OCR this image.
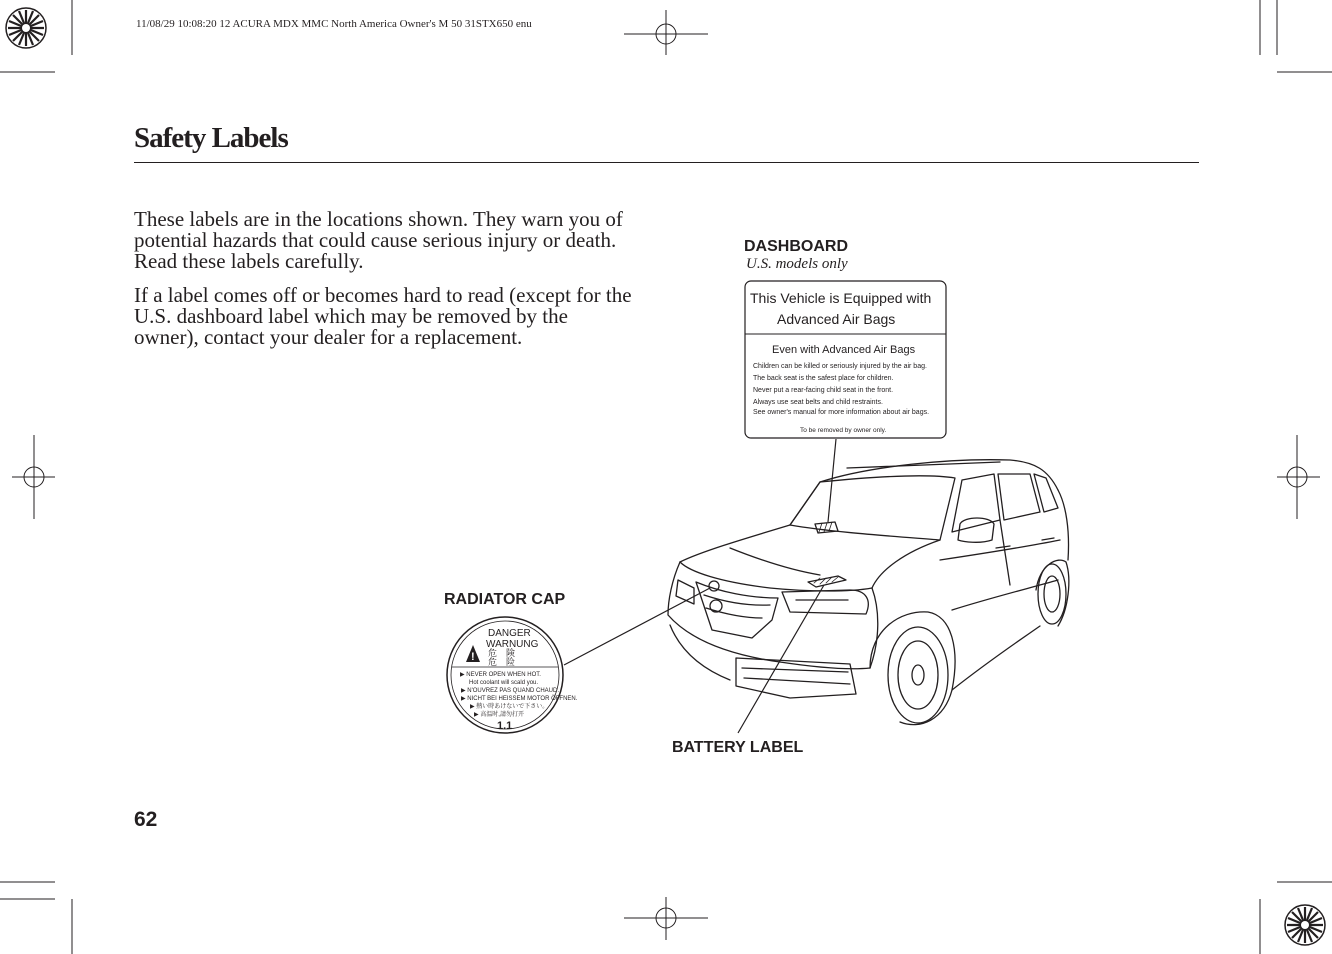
11/08/29 10:08:20 12 ACURA MDX MMC North America Owner's M 50 31STX650 enu
Safety Labels

These labels are in the locations shown. They warn you of potential hazards that could cause serious injury or death. Read these labels carefully.

If a label comes off or becomes hard to read (except for the U.S. dashboard label which may be removed by the owner), contact your dealer for a replacement.

DASHBOARD
U.S. models only
RADIATOR CAP
BATTERY LABEL
This Vehicle is Equipped with
Advanced Air Bags
Even with Advanced Air Bags
Children can be killed or seriously injured by the air bag.
The back seat is the safest place for children.
Never put a rear-facing child seat in the front.
Always use seat belts and child restraints.
See owner's manual for more information about air bags.
To be removed by owner only.
!
DANGER
WARNUNG
危　険
危　险
▶ NEVER OPEN WHEN HOT.
Hot coolant will scald you.
▶ N'OUVREZ PAS QUAND CHAUD.
▶ NICHT BEI HEISSEM MOTOR ÖFFNEN.
▶ 熱い時あけないで下さい。
▶ 高温时,請勿打开
1.1
62
